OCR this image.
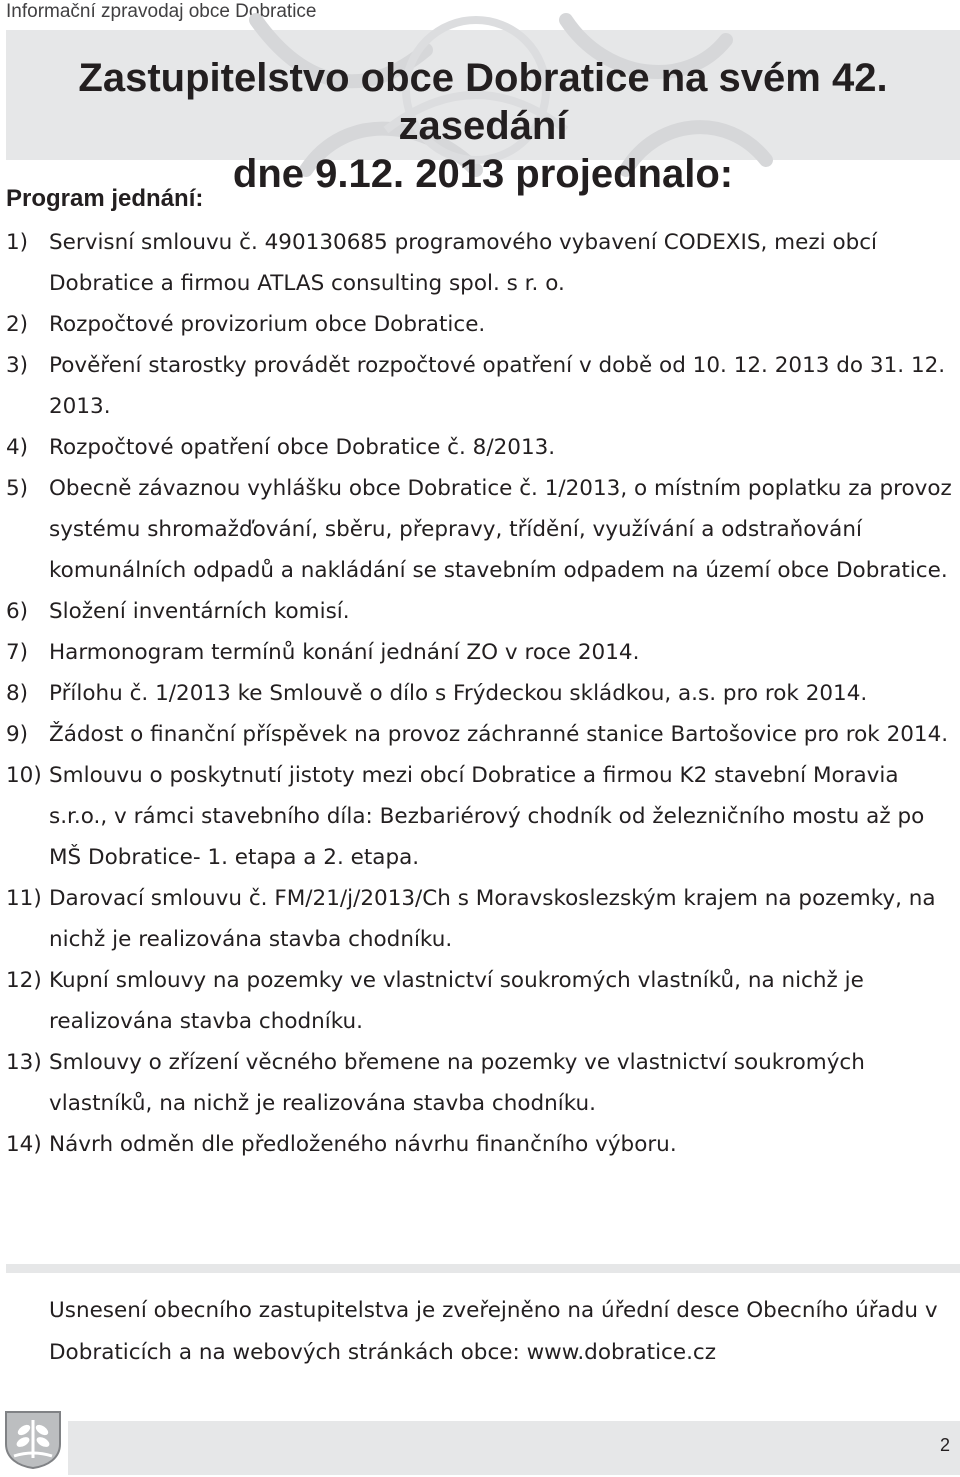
Informační zpravodaj obce Dobratice
Zastupitelstvo obce Dobratice na svém 42. zasedání
dne 9.12. 2013 projednalo:
Program jednání:
1) Servisní smlouvu č. 490130685 programového vybavení CODEXIS, mezi obcí Dobratice a firmou ATLAS consulting spol. s r. o.
2) Rozpočtové provizorium obce Dobratice.
3) Pověření starostky provádět rozpočtové opatření v době od 10. 12. 2013 do 31. 12. 2013.
4) Rozpočtové opatření obce Dobratice č. 8/2013.
5) Obecně závaznou vyhlášku obce Dobratice č. 1/2013, o místním poplatku za provoz systému shromažďování, sběru, přepravy, třídění, využívání a odstraňování komunálních odpadů a nakládání se stavebním odpadem na území obce Dobratice.
6) Složení inventárních komisí.
7) Harmonogram termínů konání jednání ZO v roce 2014.
8) Přílohu č. 1/2013 ke Smlouvě o dílo s Frýdeckou skládkou, a.s. pro rok 2014.
9) Žádost o finanční příspěvek na provoz záchranné stanice Bartošovice pro rok 2014.
10) Smlouvu o poskytnutí jistoty mezi obcí Dobratice a firmou K2 stavební Moravia s.r.o., v rámci stavebního díla: Bezbariérový chodník od železničního mostu až po MŠ Dobratice- 1. etapa a 2. etapa.
11) Darovací smlouvu č. FM/21/j/2013/Ch s Moravskoslezským krajem na pozemky, na nichž je realizována stavba chodníku.
12) Kupní smlouvy na pozemky ve vlastnictví soukromých vlastníků, na nichž je realizována stavba chodníku.
13) Smlouvy o zřízení věcného břemene na pozemky ve vlastnictví soukromých vlastníků, na nichž je realizována stavba chodníku.
14) Návrh odměn dle předloženého návrhu finančního výboru.

Usnesení obecního zastupitelstva je zveřejněno na úřední desce Obecního úřadu v Dobraticích a na webových stránkách obce: www.dobratice.cz

2
